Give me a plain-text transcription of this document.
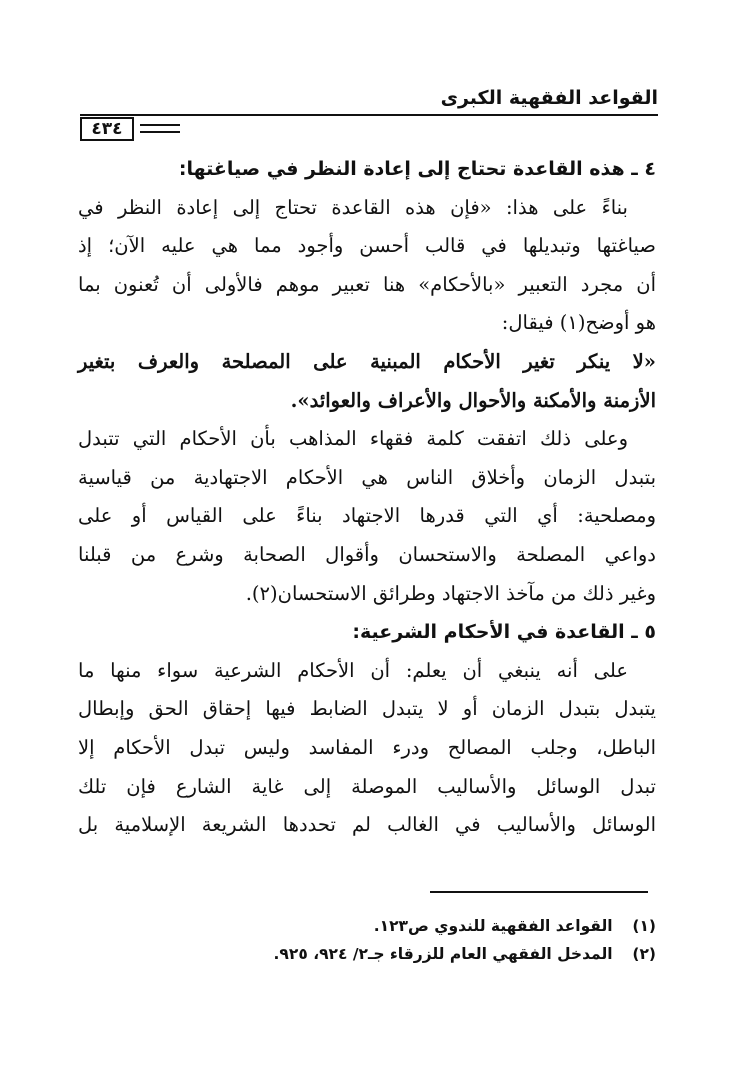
القواعد الفقهية الكبرى
٤٣٤
٤ ـ هذه القاعدة تحتاج إلى إعادة النظر في صياغتها:
بناءً على هذا: «فإن هذه القاعدة تحتاج إلى إعادة النظر في
صياغتها وتبديلها في قالب أحسن وأجود مما هي عليه الآن؛ إذ
أن مجرد التعبير «بالأحكام» هنا تعبير موهم فالأولى أن تُعنون بما
هو أوضح(١) فيقال:
«لا ينكر تغير الأحكام المبنية على المصلحة والعرف بتغير
الأزمنة والأمكنة والأحوال والأعراف والعوائد».
وعلى ذلك اتفقت كلمة فقهاء المذاهب بأن الأحكام التي تتبدل
بتبدل الزمان وأخلاق الناس هي الأحكام الاجتهادية من قياسية
ومصلحية: أي التي قدرها الاجتهاد بناءً على القياس أو على
دواعي المصلحة والاستحسان وأقوال الصحابة وشرع من قبلنا
وغير ذلك من مآخذ الاجتهاد وطرائق الاستحسان(٢).
٥ ـ القاعدة في الأحكام الشرعية:
على أنه ينبغي أن يعلم: أن الأحكام الشرعية سواء منها ما
يتبدل بتبدل الزمان أو لا يتبدل الضابط فيها إحقاق الحق وإبطال
الباطل، وجلب المصالح ودرء المفاسد وليس تبدل الأحكام إلا
تبدل الوسائل والأساليب الموصلة إلى غاية الشارع فإن تلك
الوسائل والأساليب في الغالب لم تحددها الشريعة الإسلامية بل
(١) القواعد الفقهية للندوي ص١٢٣.
(٢) المدخل الفقهي العام للزرقاء جـ٢/ ٩٢٤، ٩٢٥.
